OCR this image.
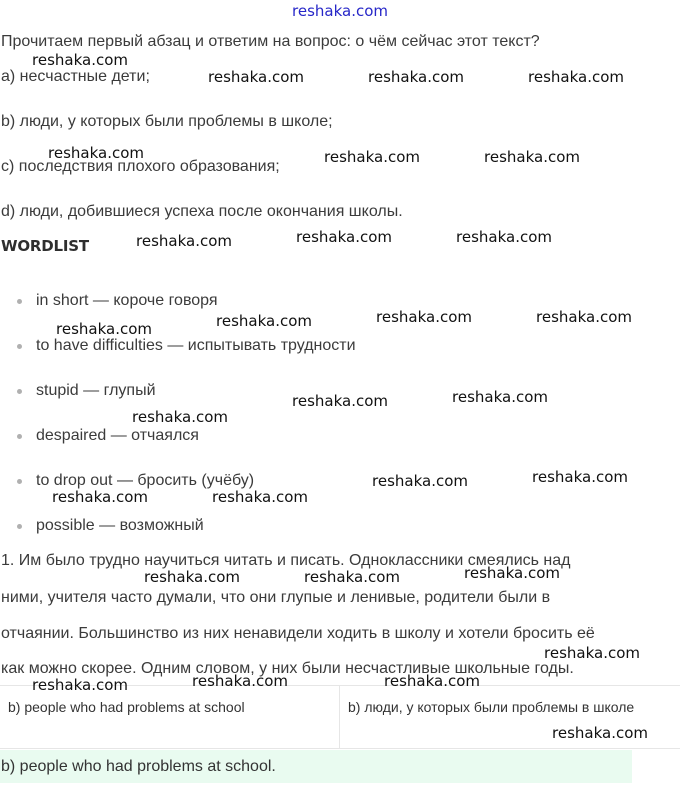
reshaka.com
Прочитаем первый абзац и ответим на вопрос: о чём сейчас этот текст?
a) несчастные дети;
b) люди, у которых были проблемы в школе;
c) последствия плохого образования;
d) люди, добившиеся успеха после окончания школы.
WORDLIST
in short — короче говоря
to have difficulties — испытывать трудности
stupid — глупый
despaired — отчаялся
to drop out — бросить (учёбу)
possible — возможный
1. Им было трудно научиться читать и писать. Одноклассники смеялись над
ними, учителя часто думали, что они глупые и ленивые, родители были в
отчаянии. Большинство из них ненавидели ходить в школу и хотели бросить её
как можно скорее. Одним словом, у них были несчастливые школьные годы.
b) people who had problems at school	b) люди, у которых были проблемы в школе
b) people who had problems at school.
reshaka.com
reshaka.com	reshaka.com	reshaka.com
reshaka.com	reshaka.com	reshaka.com
reshaka.com	reshaka.com	reshaka.com
reshaka.com	reshaka.com	reshaka.com	reshaka.com
reshaka.com	reshaka.com
reshaka.com
reshaka.com	reshaka.com
reshaka.com	reshaka.com
reshaka.com	reshaka.com	reshaka.com
reshaka.com
reshaka.com	reshaka.com	reshaka.com
reshaka.com
